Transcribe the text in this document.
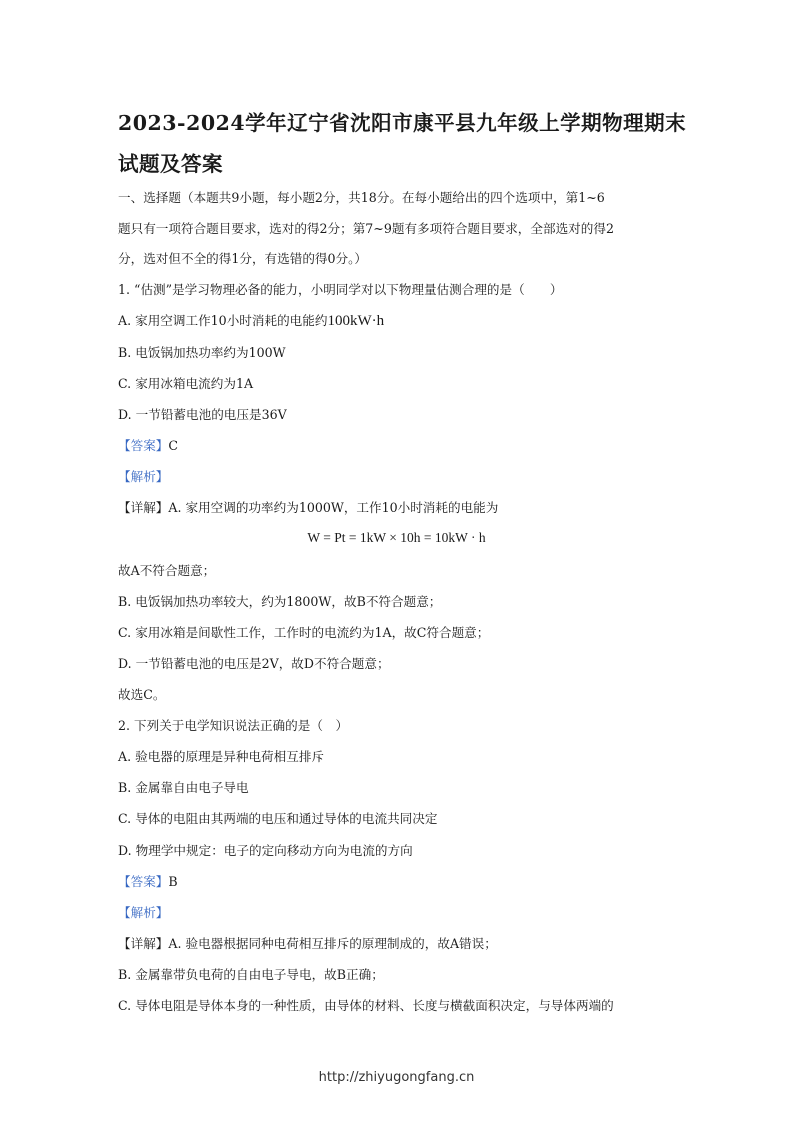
2023-2024学年辽宁省沈阳市康平县九年级上学期物理期末
试题及答案
一、选择题（本题共9小题，每小题2分，共18分。在每小题给出的四个选项中，第1~6
题只有一项符合题目要求，选对的得2分；第7~9题有多项符合题目要求，全部选对的得2
分，选对但不全的得1分，有选错的得0分。）
1. “估测”是学习物理必备的能力，小明同学对以下物理量估测合理的是（　　）
A. 家用空调工作10小时消耗的电能约100kW·h
B. 电饭锅加热功率约为100W
C. 家用冰箱电流约为1A
D. 一节铅蓄电池的电压是36V
【答案】C
【解析】
【详解】A. 家用空调的功率约为1000W，工作10小时消耗的电能为
W = Pt = 1kW × 10h = 10kW · h
故A不符合题意；
B. 电饭锅加热功率较大，约为1800W，故B不符合题意；
C. 家用冰箱是间歇性工作，工作时的电流约为1A，故C符合题意；
D. 一节铅蓄电池的电压是2V，故D不符合题意；
故选C。
2. 下列关于电学知识说法正确的是（　）
A. 验电器的原理是异种电荷相互排斥
B. 金属靠自由电子导电
C. 导体的电阻由其两端的电压和通过导体的电流共同决定
D. 物理学中规定：电子的定向移动方向为电流的方向
【答案】B
【解析】
【详解】A. 验电器根据同种电荷相互排斥的原理制成的，故A错误；
B. 金属靠带负电荷的自由电子导电，故B正确；
C. 导体电阻是导体本身的一种性质，由导体的材料、长度与横截面积决定，与导体两端的
http://zhiyugongfang.cn
